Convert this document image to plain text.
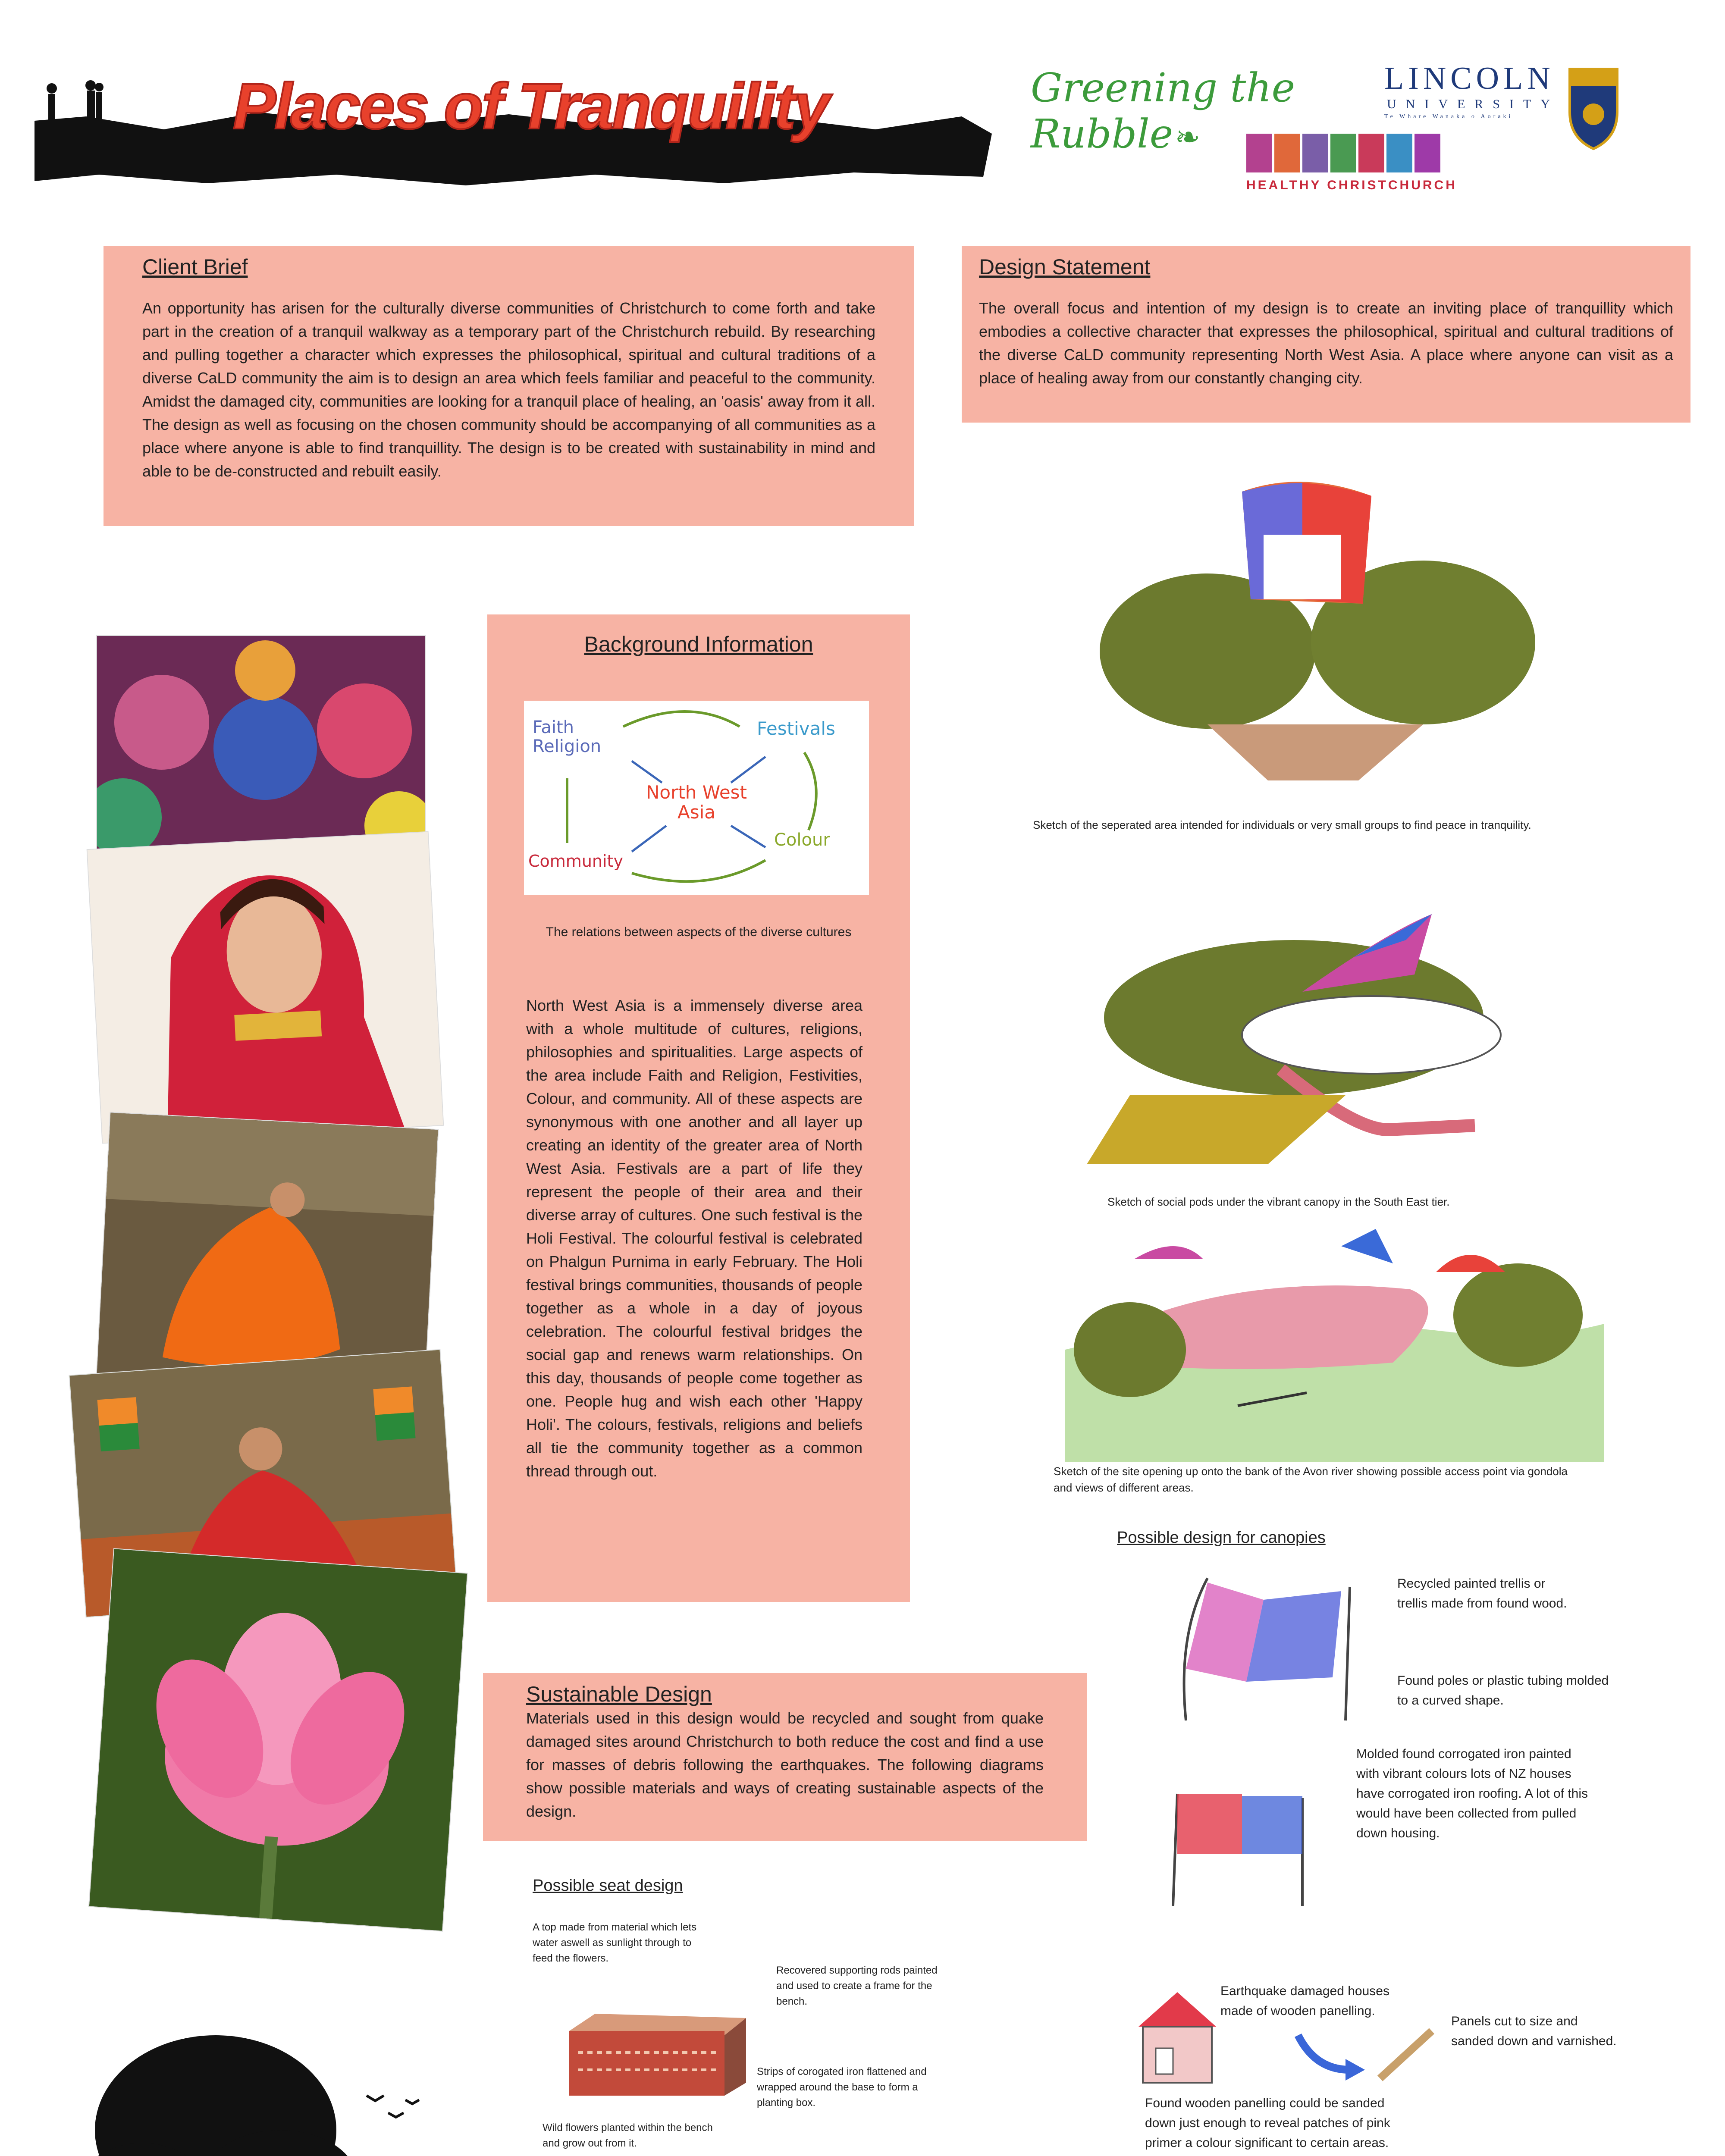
Places of Tranquility	Greening the Rubble ❧
LINCOLN
UNIVERSITY
Te Whare Wanaka o Aoraki
HEALTHY CHRISTCHURCH
Client Brief
An opportunity has arisen for the culturally diverse communities of Christchurch to come forth and take part in the creation of a tranquil walkway as a temporary part of the Christchurch rebuild. By researching and pulling together a character which expresses the philosophical, spiritual and cultural traditions of a diverse CaLD community the aim is to design an area which feels familiar and peaceful to the community. Amidst the damaged city, communities are looking for a tranquil place of healing, an 'oasis' away from it all. The design as well as focusing on the chosen community should be accompanying of all communities as a place where anyone is able to find tranquillity. The design is to be created with sustainability in mind and able to be de-constructed and rebuilt easily.
Design Statement
The overall focus and intention of my design is to create an inviting place of tranquillity which embodies a collective character that expresses the philosophical, spiritual and cultural traditions of the diverse CaLD community representing North West Asia. A place where anyone can visit as a place of healing away from our constantly changing city.
Background Information
Faith
Religion
Festivals
North West
Asia
Community
Colour
The relations between aspects of the diverse cultures
North West Asia is a immensely diverse area with a whole multitude of cultures, religions, philosophies and spiritualities. Large aspects of the area include Faith and Religion, Festivities, Colour, and community. All of these aspects are synonymous with one another and all layer up creating an identity of the greater area of North West Asia. Festivals are a part of life they represent the people of their area and their diverse array of cultures. One such festival is the Holi Festival. The colourful festival is celebrated on Phalgun Purnima in early February. The Holi festival brings communities, thousands of people together as a whole in a day of joyous celebration. The colourful festival bridges the social gap and renews warm relationships. On this day, thousands of people come together as one. People hug and wish each other 'Happy Holi'. The colours, festivals, religions and beliefs all tie the community together as a common thread through out.
Sketch of the seperated area intended for individuals or very small groups to find peace in tranquility.
Sketch of social pods under the vibrant canopy in the South East tier.
Sketch of the site opening up onto the bank of the Avon river showing possible access point via gondola and views of different areas.
Possible design for canopies
Recycled painted trellis or trellis made from found wood.
Found poles or plastic tubing molded to a curved shape.
Molded found corrogated iron painted with vibrant colours lots of NZ houses have corrogated iron roofing. A lot of this would have been collected from pulled down housing.
Sustainable Design
Materials used in this design would be recycled and sought from quake damaged sites around Christchurch to both reduce the cost and find a use for masses of debris following the earthquakes. The following diagrams show possible materials and ways of creating sustainable aspects of the design.
Possible seat design
A top made from material which lets water aswell as sunlight through to feed the flowers.
Recovered supporting rods painted and used to create a frame for the bench.
Strips of corogated iron flattened and wrapped around the base to form a planting box.
Wild flowers planted within the bench and grow out from it.
Earthquake damaged houses made of wooden panelling.
Panels cut to size and sanded down and varnished.
Found wooden panelling could be sanded down just enough to reveal patches of pink primer a colour significant to certain areas.
